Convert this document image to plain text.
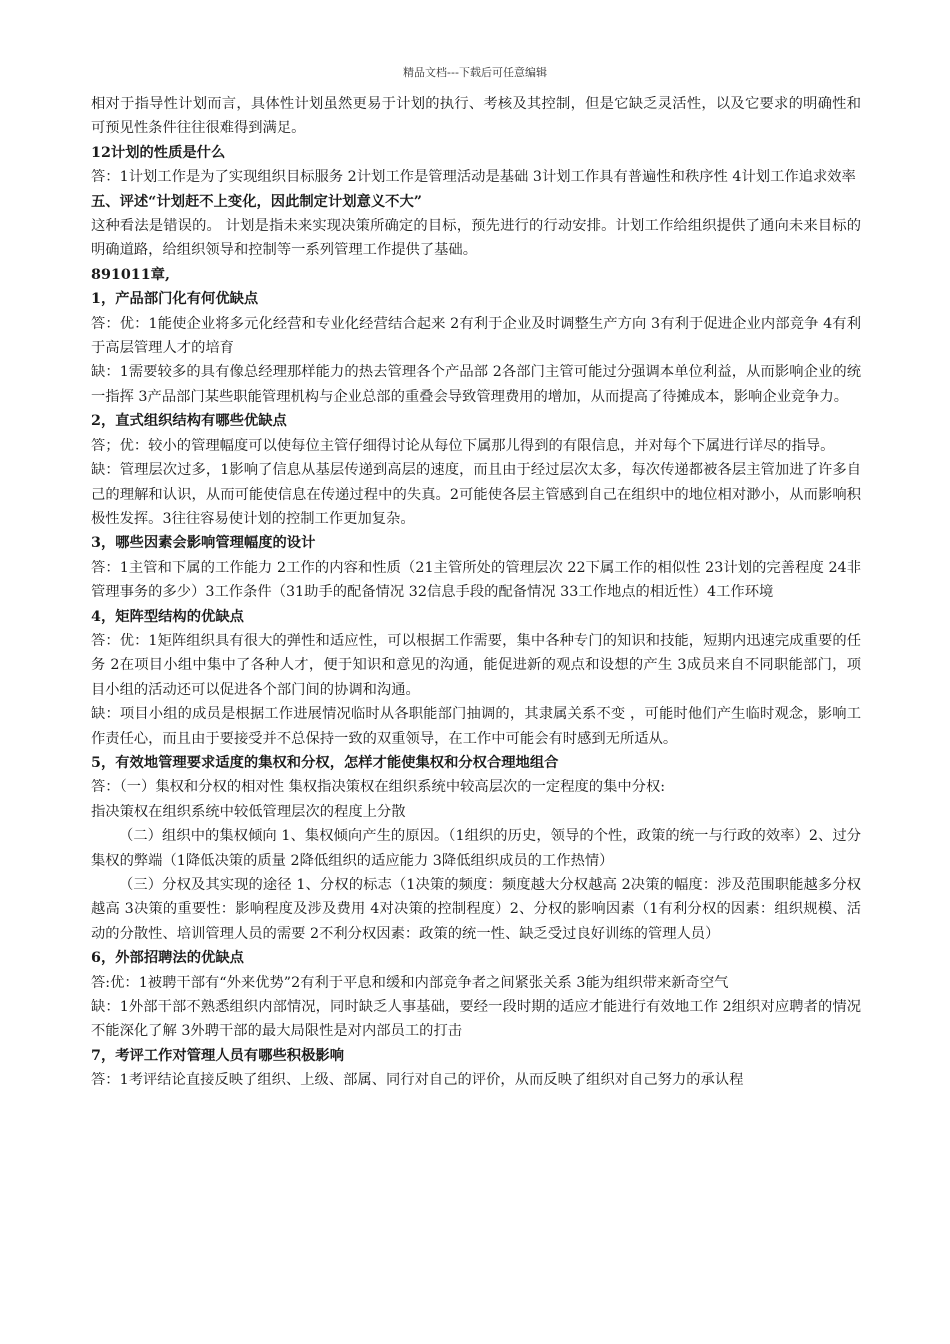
精品文档---下载后可任意编辑

相对于指导性计划而言，具体性计划虽然更易于计划的执行、考核及其控制，但是它缺乏灵活性，以及它要求的明确性和可预见性条件往往很难得到满足。

12计划的性质是什么

答：1计划工作是为了实现组织目标服务 2计划工作是管理活动是基础 3计划工作具有普遍性和秩序性 4计划工作追求效率

五、评述“计划赶不上变化，因此制定计划意义不大”

这种看法是错误的。 计划是指未来实现决策所确定的目标，预先进行的行动安排。计划工作给组织提供了通向未来目标的明确道路，给组织领导和控制等一系列管理工作提供了基础。

891011章,

1，产品部门化有何优缺点

答：优：1能使企业将多元化经营和专业化经营结合起来 2有利于企业及时调整生产方向 3有利于促进企业内部竞争 4有利于高层管理人才的培育

缺：1需要较多的具有像总经理那样能力的热去管理各个产品部 2各部门主管可能过分强调本单位利益，从而影响企业的统一指挥 3产品部门某些职能管理机构与企业总部的重叠会导致管理费用的增加，从而提高了待摊成本，影响企业竞争力。

2，直式组织结构有哪些优缺点

答；优：较小的管理幅度可以使每位主管仔细得讨论从每位下属那儿得到的有限信息，并对每个下属进行详尽的指导。

缺：管理层次过多，1影响了信息从基层传递到高层的速度，而且由于经过层次太多，每次传递都被各层主管加进了许多自己的理解和认识，从而可能使信息在传递过程中的失真。2可能使各层主管感到自己在组织中的地位相对渺小，从而影响积极性发挥。3往往容易使计划的控制工作更加复杂。

3，哪些因素会影响管理幅度的设计

答：1主管和下属的工作能力 2工作的内容和性质（21主管所处的管理层次 22下属工作的相似性 23计划的完善程度 24非管理事务的多少）3工作条件（31助手的配备情况 32信息手段的配备情况 33工作地点的相近性）4工作环境

4，矩阵型结构的优缺点

答：优：1矩阵组织具有很大的弹性和适应性，可以根据工作需要，集中各种专门的知识和技能，短期内迅速完成重要的任务 2在项目小组中集中了各种人才，便于知识和意见的沟通，能促进新的观点和设想的产生 3成员来自不同职能部门，项目小组的活动还可以促进各个部门间的协调和沟通。

缺：项目小组的成员是根据工作进展情况临时从各职能部门抽调的，其隶属关系不变 ，可能时他们产生临时观念，影响工作责任心，而且由于要接受并不总保持一致的双重领导，在工作中可能会有时感到无所适从。

5，有效地管理要求适度的集权和分权，怎样才能使集权和分权合理地组合

答：（一）集权和分权的相对性 集权指决策权在组织系统中较高层次的一定程度的集中分权:

指决策权在组织系统中较低管理层次的程度上分散

（二）组织中的集权倾向 1、集权倾向产生的原因。（1组织的历史，领导的个性，政策的统一与行政的效率）2、过分集权的弊端（1降低决策的质量 2降低组织的适应能力 3降低组织成员的工作热情）

（三）分权及其实现的途径 1、分权的标志（1决策的频度：频度越大分权越高 2决策的幅度：涉及范围职能越多分权越高 3决策的重要性：影响程度及涉及费用 4对决策的控制程度）2、分权的影响因素（1有利分权的因素：组织规模、活动的分散性、培训管理人员的需要 2不利分权因素：政策的统一性、缺乏受过良好训练的管理人员）

6，外部招聘法的优缺点

答:优：1被聘干部有“外来优势”2有利于平息和缓和内部竞争者之间紧张关系 3能为组织带来新奇空气

缺：1外部干部不熟悉组织内部情况，同时缺乏人事基础，要经一段时期的适应才能进行有效地工作 2组织对应聘者的情况不能深化了解 3外聘干部的最大局限性是对内部员工的打击

7，考评工作对管理人员有哪些积极影响

答：1考评结论直接反映了组织、上级、部属、同行对自己的评价，从而反映了组织对自己努力的承认程
